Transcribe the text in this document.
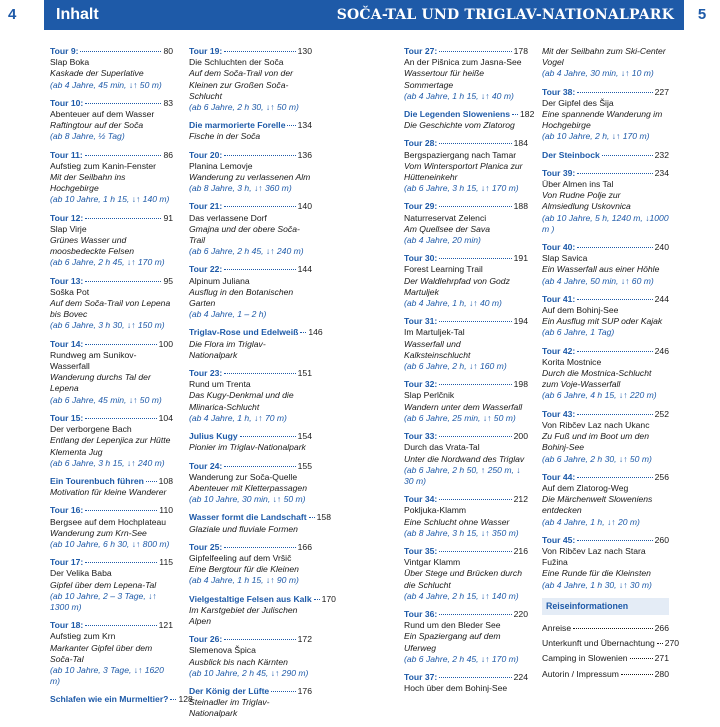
4	Inhalt	SOČA-TAL UND TRIGLAV-NATIONALPARK	5
Tour 9:	80
Slap Boka
Kaskade der Superlative
(ab 4 Jahre, 45 min, ↓↑ 50 m)
Tour 10:	83
Abenteuer auf dem Wasser
Raftingtour auf der Soča
(ab 8 Jahre, ½ Tag)
Tour 11:	86
Aufstieg zum Kanin-Fenster
Mit der Seilbahn ins Hochgebirge
(ab 10 Jahre, 1 h 15, ↓↑ 140 m)
Tour 12:	91
Slap Virje
Grünes Wasser und moosbedeckte Felsen
(ab 6 Jahre, 2 h 45, ↓↑ 170 m)
Tour 13:	95
Soška Pot
Auf dem Soča-Trail von Lepena bis Bovec
(ab 6 Jahre, 3 h 30, ↓↑ 150 m)
Tour 14:	100
Rundweg am Sunikov-Wasserfall
Wanderung durchs Tal der Lepena
(ab 6 Jahre, 45 min, ↓↑ 50 m)
Tour 15:	104
Der verborgene Bach
Entlang der Lepenjica zur Hütte Klementa Jug
(ab 6 Jahre, 3 h 15, ↓↑ 240 m)
Ein Tourenbuch führen 108
Motivation für kleine Wanderer
Tour 16:	110
Bergsee auf dem Hochplateau
Wanderung zum Krn-See
(ab 10 Jahre, 6 h 30, ↓↑ 800 m)
Tour 17:	115
Der Velika Baba
Gipfel über dem Lepena-Tal
(ab 10 Jahre, 2 – 3 Tage, ↓↑ 1300 m)
Tour 18:	121
Aufstieg zum Krn
Markanter Gipfel über dem Soča-Tal
(ab 10 Jahre, 3 Tage, ↓↑ 1620 m)
Schlafen wie ein Murmeltier? 128
Tour 19:	130
Die Schluchten der Soča
Auf dem Soča-Trail von der Kleinen zur Großen Soča-Schlucht
(ab 6 Jahre, 2 h 30, ↓↑ 50 m)
Die marmorierte Forelle 134
Fische in der Soča
Tour 20:	136
Planina Lemovje
Wanderung zu verlassenen Alm
(ab 8 Jahre, 3 h, ↓↑ 360 m)
Tour 21:	140
Das verlassene Dorf
Gmajna und der obere Soča-Trail
(ab 6 Jahre, 2 h 45, ↓↑ 240 m)
Tour 22:	144
Alpinum Juliana
Ausflug in den Botanischen Garten
(ab 4 Jahre, 1 – 2 h)
Triglav-Rose und Edelweiß 146
Die Flora im Triglav-Nationalpark
Tour 23:	151
Rund um Trenta
Das Kugy-Denkmal und die Mlinarica-Schlucht
(ab 4 Jahre, 1 h, ↓↑ 70 m)
Julius Kugy	154
Pionier im Triglav-Nationalpark
Tour 24:	155
Wanderung zur Soča-Quelle
Abenteuer mit Kletterpassagen
(ab 10 Jahre, 30 min, ↓↑ 50 m)
Wasser formt die Landschaft 158
Glaziale und fluviale Formen
Tour 25:	166
Gipfelfeeling auf dem Vršič
Eine Bergtour für die Kleinen
(ab 4 Jahre, 1 h 15, ↓↑ 90 m)
Vielgestaltige Felsen aus Kalk 170
Im Karstgebiet der Julischen Alpen
Tour 26:	172
Slemenova Špica
Ausblick bis nach Kärnten
(ab 10 Jahre, 2 h 45, ↓↑ 290 m)
Der König der Lüfte	176
Steinadler im Triglav-Nationalpark
Tour 27:	178
An der Pišnica zum Jasna-See
Wassertour für heiße Sommertage
(ab 4 Jahre, 1 h 15, ↓↑ 40 m)
Die Legenden Sloweniens 182
Die Geschichte vom Zlatorog
Tour 28:	184
Bergspaziergang nach Tamar
Vom Wintersportort Planica zur Hütteneinkehr
(ab 6 Jahre, 3 h 15, ↓↑ 170 m)
Tour 29:	188
Naturreservat Zelenci
Am Quellsee der Sava
(ab 4 Jahre, 20 min)
Tour 30:	191
Forest Learning Trail
Der Waldlehrpfad von Godz Martuljek
(ab 4 Jahre, 1 h, ↓↑ 40 m)
Tour 31:	194
Im Martuljek-Tal
Wasserfall und Kalksteinschlucht
(ab 6 Jahre, 2 h, ↓↑ 160 m)
Tour 32:	198
Slap Perlčnik
Wandern unter dem Wasserfall
(ab 6 Jahre, 25 min, ↓↑ 50 m)
Tour 33:	200
Durch das Vrata-Tal
Unter die Nordwand des Triglav
(ab 6 Jahre, 2 h 50, ↑ 250 m, ↓ 30 m)
Tour 34:	212
Pokljuka-Klamm
Eine Schlucht ohne Wasser
(ab 8 Jahre, 3 h 15, ↓↑ 350 m)
Tour 35:	216
Vintgar Klamm
Über Stege und Brücken durch die Schlucht
(ab 4 Jahre, 2 h 15, ↓↑ 140 m)
Tour 36:	220
Rund um den Bleder See
Ein Spaziergang auf dem Uferweg
(ab 6 Jahre, 2 h 45, ↓↑ 170 m)
Tour 37:	224
Hoch über dem Bohinj-See
Mit der Seilbahn zum Ski-Center Vogel
(ab 4 Jahre, 30 min, ↓↑ 10 m)
Tour 38:	227
Der Gipfel des Šija
Eine spannende Wanderung im Hochgebirge
(ab 10 Jahre, 2 h, ↓↑ 170 m)
Der Steinbock	232
Tour 39:	234
Über Almen ins Tal
Von Rudne Polje zur Almsiedlung Uskovnica
(ab 10 Jahre, 5 h, 1240 m, ↓1000 m )
Tour 40:	240
Slap Savica
Ein Wasserfall aus einer Höhle
(ab 4 Jahre, 50 min, ↓↑ 60 m)
Tour 41:	244
Auf dem Bohinj-See
Ein Ausflug mit SUP oder Kajak
(ab 6 Jahre, 1 Tag)
Tour 42:	246
Korita Mostnice
Durch die Mostnica-Schlucht zum Voje-Wasserfall
(ab 6 Jahre, 4 h 15, ↓↑ 220 m)
Tour 43:	252
Von Ribčev Laz nach Ukanc
Zu Fuß und im Boot um den Bohinj-See
(ab 6 Jahre, 2 h 30, ↓↑ 50 m)
Tour 44:	256
Auf dem Zlatorog-Weg
Die Märchenwelt Sloweniens entdecken
(ab 4 Jahre, 1 h, ↓↑ 20 m)
Tour 45:	260
Von Ribčev Laz nach Stara Fužina
Eine Runde für die Kleinsten
(ab 4 Jahre, 1 h 30, ↓↑ 30 m)
Reiseinformationen
Anreise	266
Unterkunft und Übernachtung 270
Camping in Slowenien	271
Autorin / Impressum	280
